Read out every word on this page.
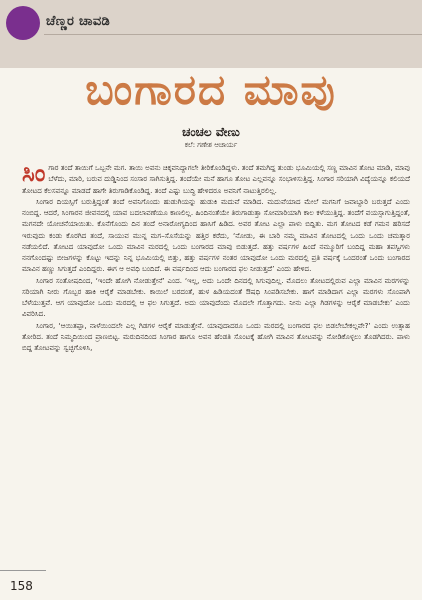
ಚೆಣ್ಣರ ಚಾವಡಿ
ಬಂಗಾರದ ಮಾವು
ಚಂಚಲ ವೇಣು
ಕಲೆ: ಗಣೇಶ ಆಚಾರ್ಯ

ಸಿಂಗಾರ ತಂದೆ ತಾಯಿಗೆ ಒಬ್ಬನೇ ಮಗ. ತಾಯಿ ಅವನು ಚಿಕ್ಕವನಿದ್ದಾಗಲೇ ತೀರಿಕೊಂಡಿದ್ದಳು. ತಂದೆ ತಮಗಿದ್ದ ತುಂಡು ಭೂಮಿಯಲ್ಲಿ ಸಣ್ಣ ಮಾವಿನ ತೋಟ ಮಾಡಿ, ಮಾವು ಬೆಳೆದು, ಮಾರಿ, ಬರುವ ದುಡ್ಡಿನಿಂದ ಸಂಸಾರ ಸಾಗಿಸುತ್ತಿದ್ದ. ತಂದೆಯೇ ಮನೆ ಹಾಗೂ ತೋಟ ಎಲ್ಲವನ್ನೂ ಸಂಭಾಳಿಸುತ್ತಿದ್ದ. ಸಿಂಗಾರ ಸರಿಯಾಗಿ ವಿದ್ಯೆಯನ್ನೂ ಕಲಿಯದೆ ತೋಟದ ಕೆಲಸವನ್ನೂ ಮಾಡದೆ ಹಾಗೇ ತಿರುಗಾಡಿಕೊಂಡಿದ್ದ. ತಂದೆ ಎಷ್ಟು ಬುದ್ಧಿ ಹೇಳಿದರೂ ಅವನಿಗೆ ನಾಟುತ್ತಿರಲಿಲ್ಲ.

ಸಿಂಗಾರ ದಿಯಸ್ಸಿಗೆ ಬರುತ್ತಿದ್ದಂತೆ ತಂದೆ ಅವನಿಗೊಂದು ಹುಡುಗಿಯನ್ನು ಹುಡುಕಿ ಮದುವೆ ಮಾಡಿದ. ಮದುವೆಯಾದ ಮೇಲೆ ಮಗನಿಗೆ ಜವಾಬ್ದಾರಿ ಬರುತ್ತದೆ ಎಂದು ನಂಬಿದ್ದ. ಆದರೆ, ಸಿಂಗಾರನ ಜೀವನದಲ್ಲಿ ಯಾವ ಬದಲಾವಣೆಯೂ ಕಾಣಲಿಲ್ಲ. ಹಿಂದಿನಂತೆಯೇ ತಿರುಗಾಡುತ್ತಾ ಸೋಮಾರಿಯಾಗಿ ಕಾಲ ಕಳೆಯುತ್ತಿದ್ದ. ತಂದೆಗೆ ವಯಸ್ಸಾಗುತ್ತಿದ್ದಂತೆ, ಮಗನದೇ ಯೋಚನೆಯಾಯಿತು. ಕೊನೆಗೊಂದು ದಿನ ತಂದೆ ಅನಾರೋಗ್ಯದಿಂದ ಹಾಸಿಗೆ ಹಿಡಿದ. ಅವರ ತೋಟ ಎಲ್ಲಾ ಪಾಳು ಬಿದ್ದಿತು. ಮಗ ತೋಟದ ಕಡೆ ಗಮನ ಹರಿಸದೆ ಇರುವುದು ಕಂಡು ಕೊರಗಿದ ತಂದೆ, ಸಾಯುವ ಮುನ್ನ ಮಗ–ಸೊಸೆಯನ್ನು ಹತ್ತಿರ ಕರೆದು, ‘ನೋಡು, ಈ ಬಾರಿ ನಮ್ಮ ಮಾವಿನ ತೋಟದಲ್ಲಿ ಒಂದು ಒಂದು ಚಮತ್ಕಾರ ನಡೆಯಲಿದೆ. ತೋಟದ ಯಾವುದೋ ಒಂದು ಮಾವಿನ ಮರದಲ್ಲಿ ಒಂದು ಬಂಗಾರದ ಮಾವು ಬಿಡುತ್ತದೆ. ಹತ್ತು ವರ್ಷಗಳ ಹಿಂದೆ ನಮ್ಮೂರಿಗೆ ಬಂದಿದ್ದ ಮಹಾ ತಪಸ್ವಿಗಳು ನನಗೊಂದಷ್ಟು ಬೀಜಗಳನ್ನು ಕೊಟ್ಟು ಇದನ್ನು ನಿನ್ನ ಭೂಮಿಯಲ್ಲಿ ಬಿತ್ತು, ಹತ್ತು ವರ್ಷಗಳ ನಂತರ ಯಾವುದೋ ಒಂದು ಮರದಲ್ಲಿ ಪ್ರತಿ ವರ್ಷಕ್ಕೆ ಒಂದರಂತೆ ಒಂದು ಬಂಗಾರದ ಮಾವಿನ ಹಣ್ಣು ಸಿಗುತ್ತದೆ ಎಂದಿದ್ದರು. ಈಗ ಆ ಅವಧಿ ಬಂದಿದೆ. ಈ ವರ್ಷದಿಂದ ಆದು ಬಂಗಾರದ ಫಲ ನೀಡುತ್ತದೆ’ ಎಂದು ಹೇಳಿದ.

ಸಿಂಗಾರ ಸಂತೋಷದಿಂದ, ‘ಇಂದೇ ಹೋಗಿ ನೋಡುತ್ತೇನೆ’ ಎಂದ. ‘ಇಲ್ಲ, ಅದು ಒಂದೇ ದಿನದಲ್ಲಿ ಸಿಗುವುದಿಲ್ಲ. ಮೊದಲು ತೋಟದಲ್ಲಿರುವ ಎಲ್ಲಾ ಮಾವಿನ ಮರಗಳನ್ನು ಸರಿಯಾಗಿ ನೀರು ಗೊಬ್ಬರ ಹಾಕಿ ಆರೈಕೆ ಮಾಡಬೇಕು. ಕಾಯಿಲೆ ಬರದಂತೆ, ಹುಳ ಹಿಡಿಯದಂತೆ ಔಷಧಿ ಸಿಂಪಡಿಸಬೇಕು. ಹಾಗೆ ಮಾಡಿದಾಗ ಎಲ್ಲಾ ಮರಗಳು ಸೊಂಪಾಗಿ ಬೆಳೆಯುತ್ತವೆ. ಆಗ ಯಾವುದೋ ಒಂದು ಮರದಲ್ಲಿ ಆ ಫಲ ಸಿಗುತ್ತದೆ. ಅದು ಯಾವುದೆಂದು ಮೊದಲೇ ಗೊತ್ತಾಗದು. ನೀನು ಎಲ್ಲಾ ಗಿಡಗಳನ್ನು ಆರೈಕೆ ಮಾಡಬೇಕು’ ಎಂದು ವಿವರಿಸಿದ.

ಸಿಂಗಾರ, ‘ಆಯಿತಪ್ಪಾ, ನಾಳೆಯಿಂದಲೇ ಎಲ್ಲ ಗಿಡಗಳ ಆರೈಕೆ ಮಾಡುತ್ತೇನೆ. ಯಾವುದಾದರೂ ಒಂದು ಮರದಲ್ಲಿ ಬಂಗಾರದ ಫಲ ಬಿಡಲೇಬೇಕಲ್ಲವೇ?’ ಎಂದು ಉತ್ಸಾಹ ತೋರಿದ. ತಂದೆ ನಿಮ್ಮದಿಯಿಂದ ಪ್ರಾಣಬಿಟ್ಟ. ಮರುದಿನದಿಂದ ಸಿಂಗಾರ ಹಾಗೂ ಅವನ ಹೆಂಡತಿ ಸೊಂಟಕ್ಕೆ ಹೋಗಿ ಮಾವಿನ ತೋಟವನ್ನು ನೋಡಿಕೊಳ್ಳಲು ತೊಡಗಿದರು. ಪಾಳು ಬಿದ್ದ ತೋಟವನ್ನು ಸ್ವಚ್ಛಗೊಳಿಸಿ,

158
